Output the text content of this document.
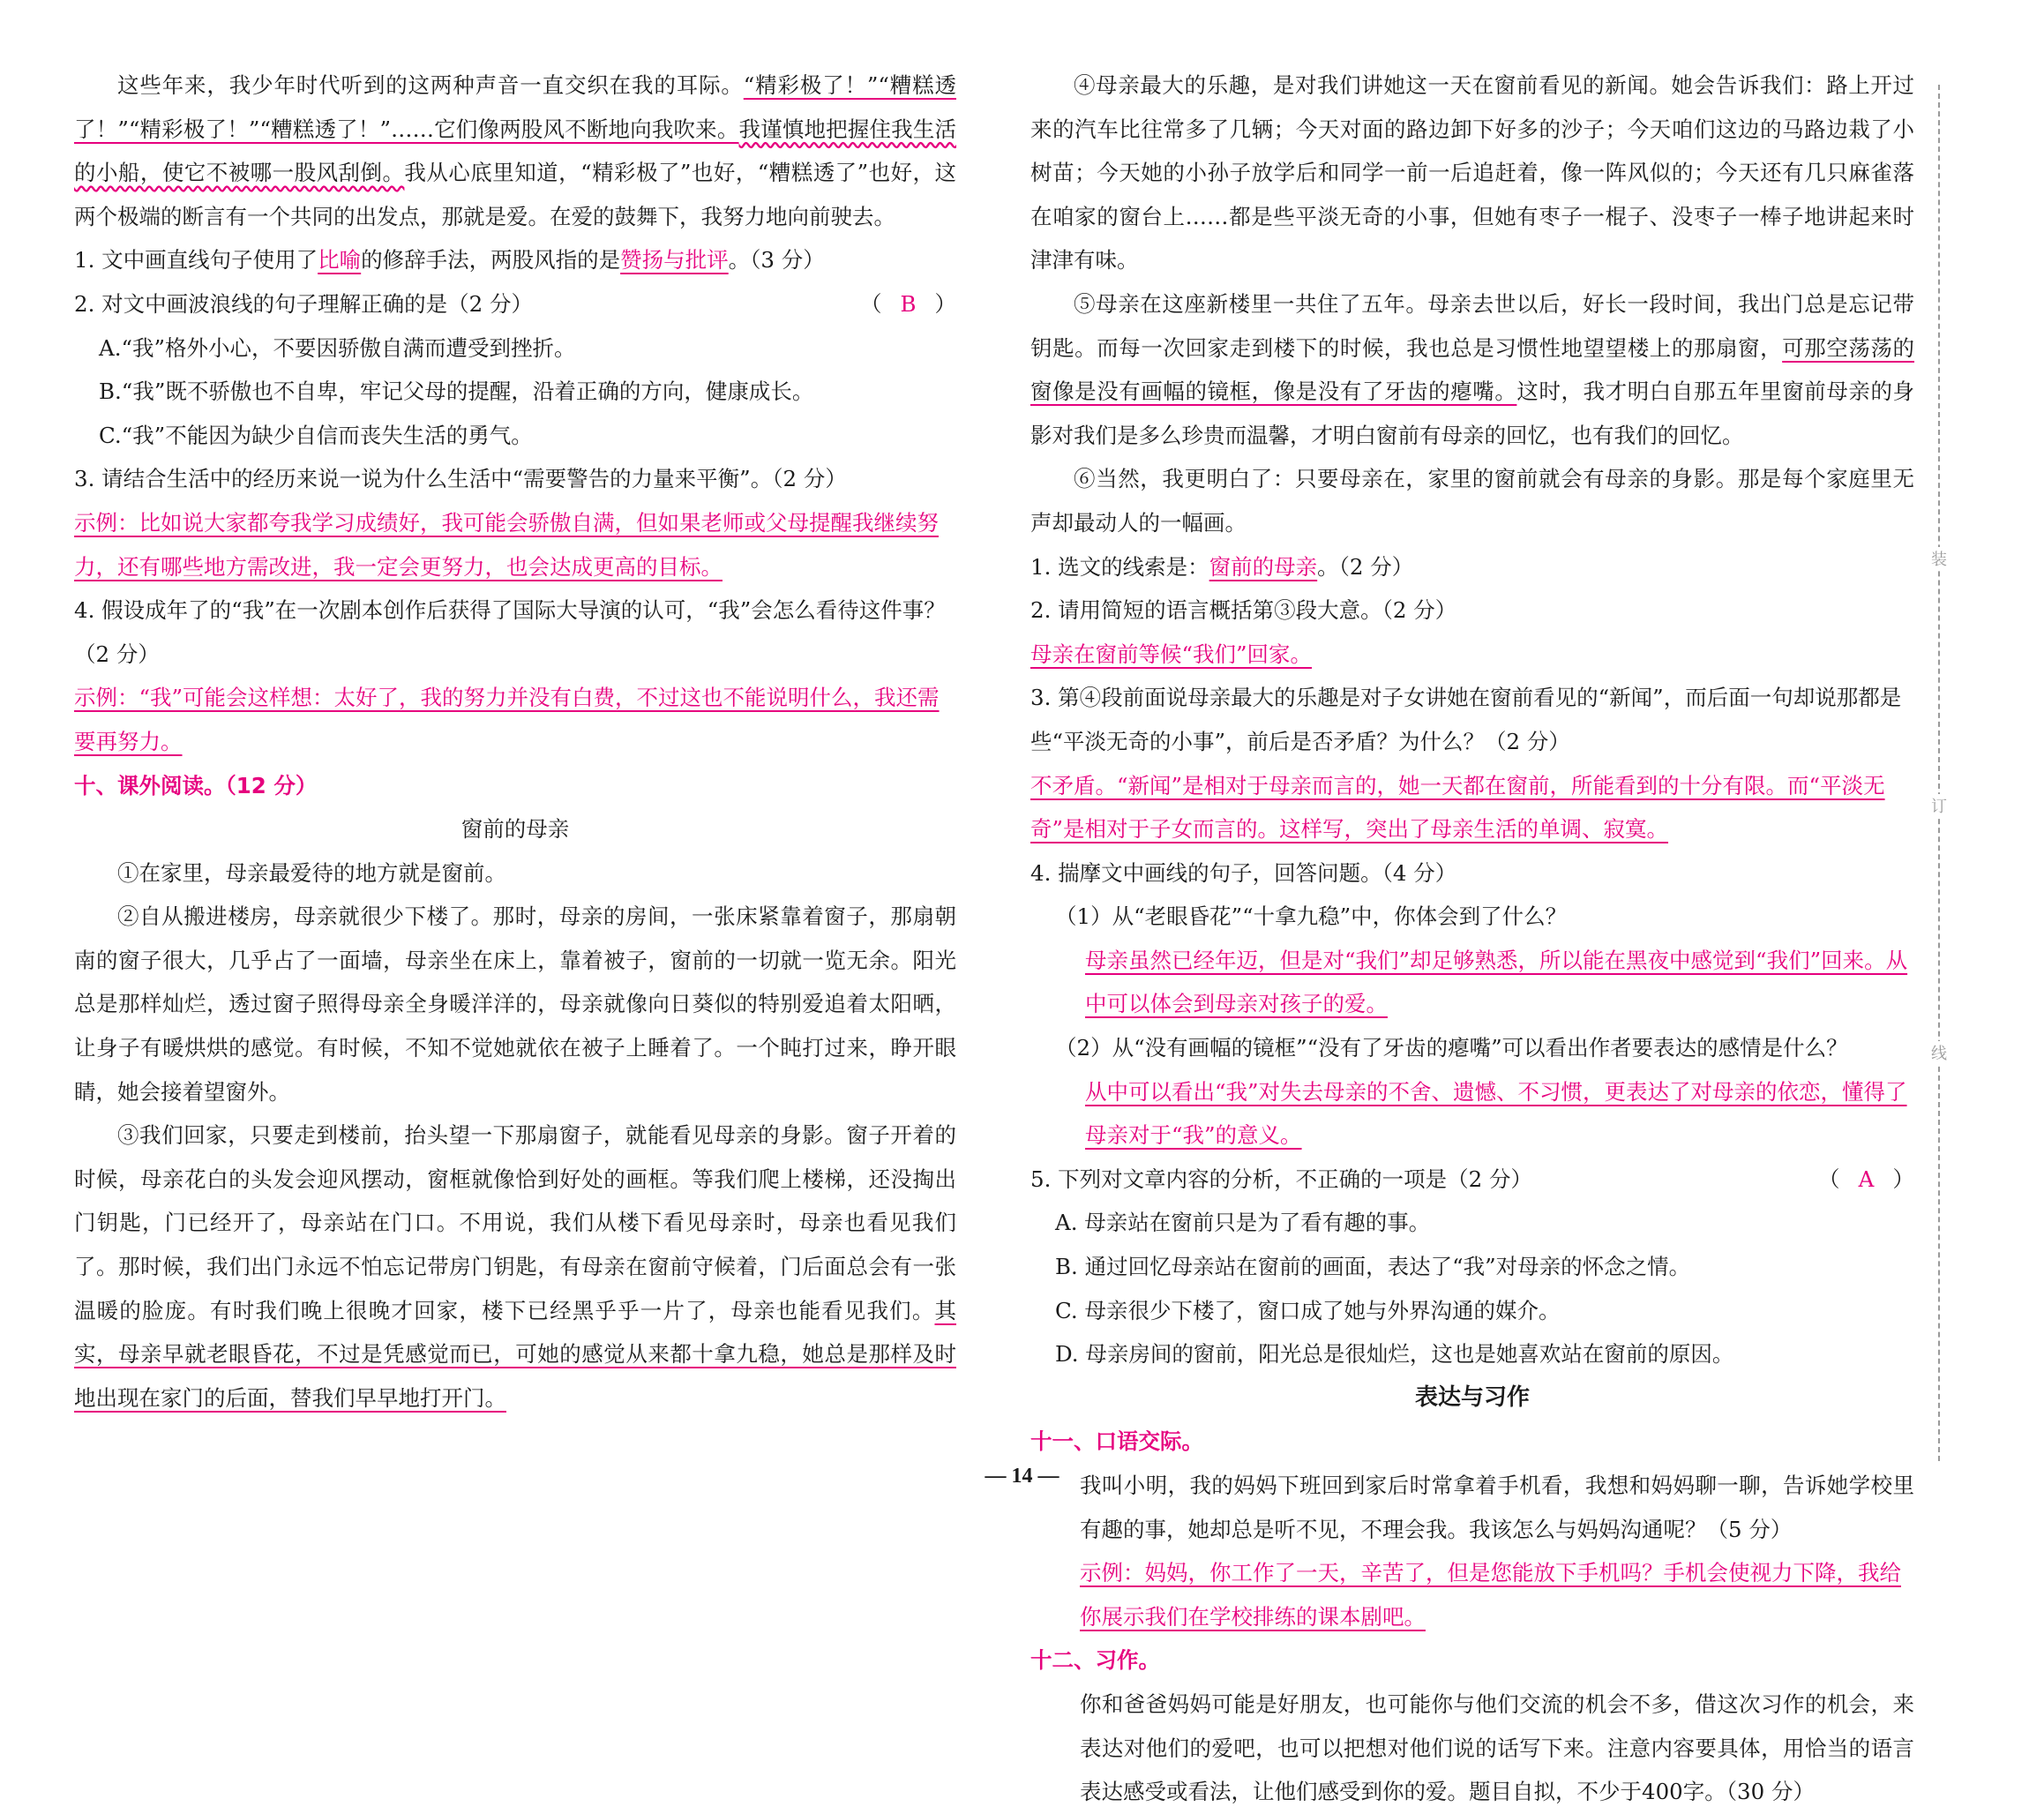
这些年来，我少年时代听到的这两种声音一直交织在我的耳际。“精彩极了！”“糟糕透了！”“精彩极了！”“糟糕透了！”……它们像两股风不断地向我吹来。我谨慎地把握住我生活的小船，使它不被哪一股风刮倒。我从心底里知道，“精彩极了”也好，“糟糕透了”也好，这两个极端的断言有一个共同的出发点，那就是爱。在爱的鼓舞下，我努力地向前驶去。

1. 文中画直线句子使用了比喻的修辞手法，两股风指的是赞扬与批评。（3 分）

2. 对文中画波浪线的句子理解正确的是（2 分）	（ B ）

A.“我”格外小心，不要因骄傲自满而遭受到挫折。

B.“我”既不骄傲也不自卑，牢记父母的提醒，沿着正确的方向，健康成长。

C.“我”不能因为缺少自信而丧失生活的勇气。

3. 请结合生活中的经历来说一说为什么生活中“需要警告的力量来平衡”。（2 分）

示例：比如说大家都夸我学习成绩好，我可能会骄傲自满，但如果老师或父母提醒我继续努力，还有哪些地方需改进，我一定会更努力，也会达成更高的目标。

4. 假设成年了的“我”在一次剧本创作后获得了国际大导演的认可，“我”会怎么看待这件事？（2 分）

示例：“我”可能会这样想：太好了，我的努力并没有白费，不过这也不能说明什么，我还需要再努力。

十、课外阅读。（12 分）

窗前的母亲

①在家里，母亲最爱待的地方就是窗前。

②自从搬进楼房，母亲就很少下楼了。那时，母亲的房间，一张床紧靠着窗子，那扇朝南的窗子很大，几乎占了一面墙，母亲坐在床上，靠着被子，窗前的一切就一览无余。阳光总是那样灿烂，透过窗子照得母亲全身暖洋洋的，母亲就像向日葵似的特别爱追着太阳晒，让身子有暖烘烘的感觉。有时候，不知不觉她就依在被子上睡着了。一个盹打过来，睁开眼睛，她会接着望窗外。

③我们回家，只要走到楼前，抬头望一下那扇窗子，就能看见母亲的身影。窗子开着的时候，母亲花白的头发会迎风摆动，窗框就像恰到好处的画框。等我们爬上楼梯，还没掏出门钥匙，门已经开了，母亲站在门口。不用说，我们从楼下看见母亲时，母亲也看见我们了。那时候，我们出门永远不怕忘记带房门钥匙，有母亲在窗前守候着，门后面总会有一张温暖的脸庞。有时我们晚上很晚才回家，楼下已经黑乎乎一片了，母亲也能看见我们。其实，母亲早就老眼昏花，不过是凭感觉而已，可她的感觉从来都十拿九稳，她总是那样及时地出现在家门的后面，替我们早早地打开门。

④母亲最大的乐趣，是对我们讲她这一天在窗前看见的新闻。她会告诉我们：路上开过来的汽车比往常多了几辆；今天对面的路边卸下好多的沙子；今天咱们这边的马路边栽了小树苗；今天她的小孙子放学后和同学一前一后追赶着，像一阵风似的；今天还有几只麻雀落在咱家的窗台上……都是些平淡无奇的小事，但她有枣子一棍子、没枣子一棒子地讲起来时津津有味。

⑤母亲在这座新楼里一共住了五年。母亲去世以后，好长一段时间，我出门总是忘记带钥匙。而每一次回家走到楼下的时候，我也总是习惯性地望望楼上的那扇窗，可那空荡荡的窗像是没有画幅的镜框，像是没有了牙齿的瘪嘴。这时，我才明白自那五年里窗前母亲的身影对我们是多么珍贵而温馨，才明白窗前有母亲的回忆，也有我们的回忆。

⑥当然，我更明白了：只要母亲在，家里的窗前就会有母亲的身影。那是每个家庭里无声却最动人的一幅画。

1. 选文的线索是：窗前的母亲。（2 分）

2. 请用简短的语言概括第③段大意。（2 分）

母亲在窗前等候“我们”回家。

3. 第④段前面说母亲最大的乐趣是对子女讲她在窗前看见的“新闻”，而后面一句却说那都是些“平淡无奇的小事”，前后是否矛盾？为什么？（2 分）

不矛盾。“新闻”是相对于母亲而言的，她一天都在窗前，所能看到的十分有限。而“平淡无奇”是相对于子女而言的。这样写，突出了母亲生活的单调、寂寞。

4. 揣摩文中画线的句子，回答问题。（4 分）

（1）从“老眼昏花”“十拿九稳”中，你体会到了什么？

母亲虽然已经年迈，但是对“我们”却足够熟悉，所以能在黑夜中感觉到“我们”回来。从中可以体会到母亲对孩子的爱。

（2）从“没有画幅的镜框”“没有了牙齿的瘪嘴”可以看出作者要表达的感情是什么？

从中可以看出“我”对失去母亲的不舍、遗憾、不习惯，更表达了对母亲的依恋，懂得了母亲对于“我”的意义。

5. 下列对文章内容的分析，不正确的一项是（2 分）	（ A ）

A. 母亲站在窗前只是为了看有趣的事。

B. 通过回忆母亲站在窗前的画面，表达了“我”对母亲的怀念之情。

C. 母亲很少下楼了，窗口成了她与外界沟通的媒介。

D. 母亲房间的窗前，阳光总是很灿烂，这也是她喜欢站在窗前的原因。

表达与习作

十一、口语交际。

我叫小明，我的妈妈下班回到家后时常拿着手机看，我想和妈妈聊一聊，告诉她学校里有趣的事，她却总是听不见，不理会我。我该怎么与妈妈沟通呢？（5 分）

示例：妈妈，你工作了一天，辛苦了，但是您能放下手机吗？手机会使视力下降，我给你展示我们在学校排练的课本剧吧。

十二、习作。

你和爸爸妈妈可能是好朋友，也可能你与他们交流的机会不多，借这次习作的机会，来表达对他们的爱吧，也可以把想对他们说的话写下来。注意内容要具体，用恰当的语言表达感受或看法，让他们感受到你的爱。题目自拟，不少于400字。（30 分）

装
订
线
— 14 —
